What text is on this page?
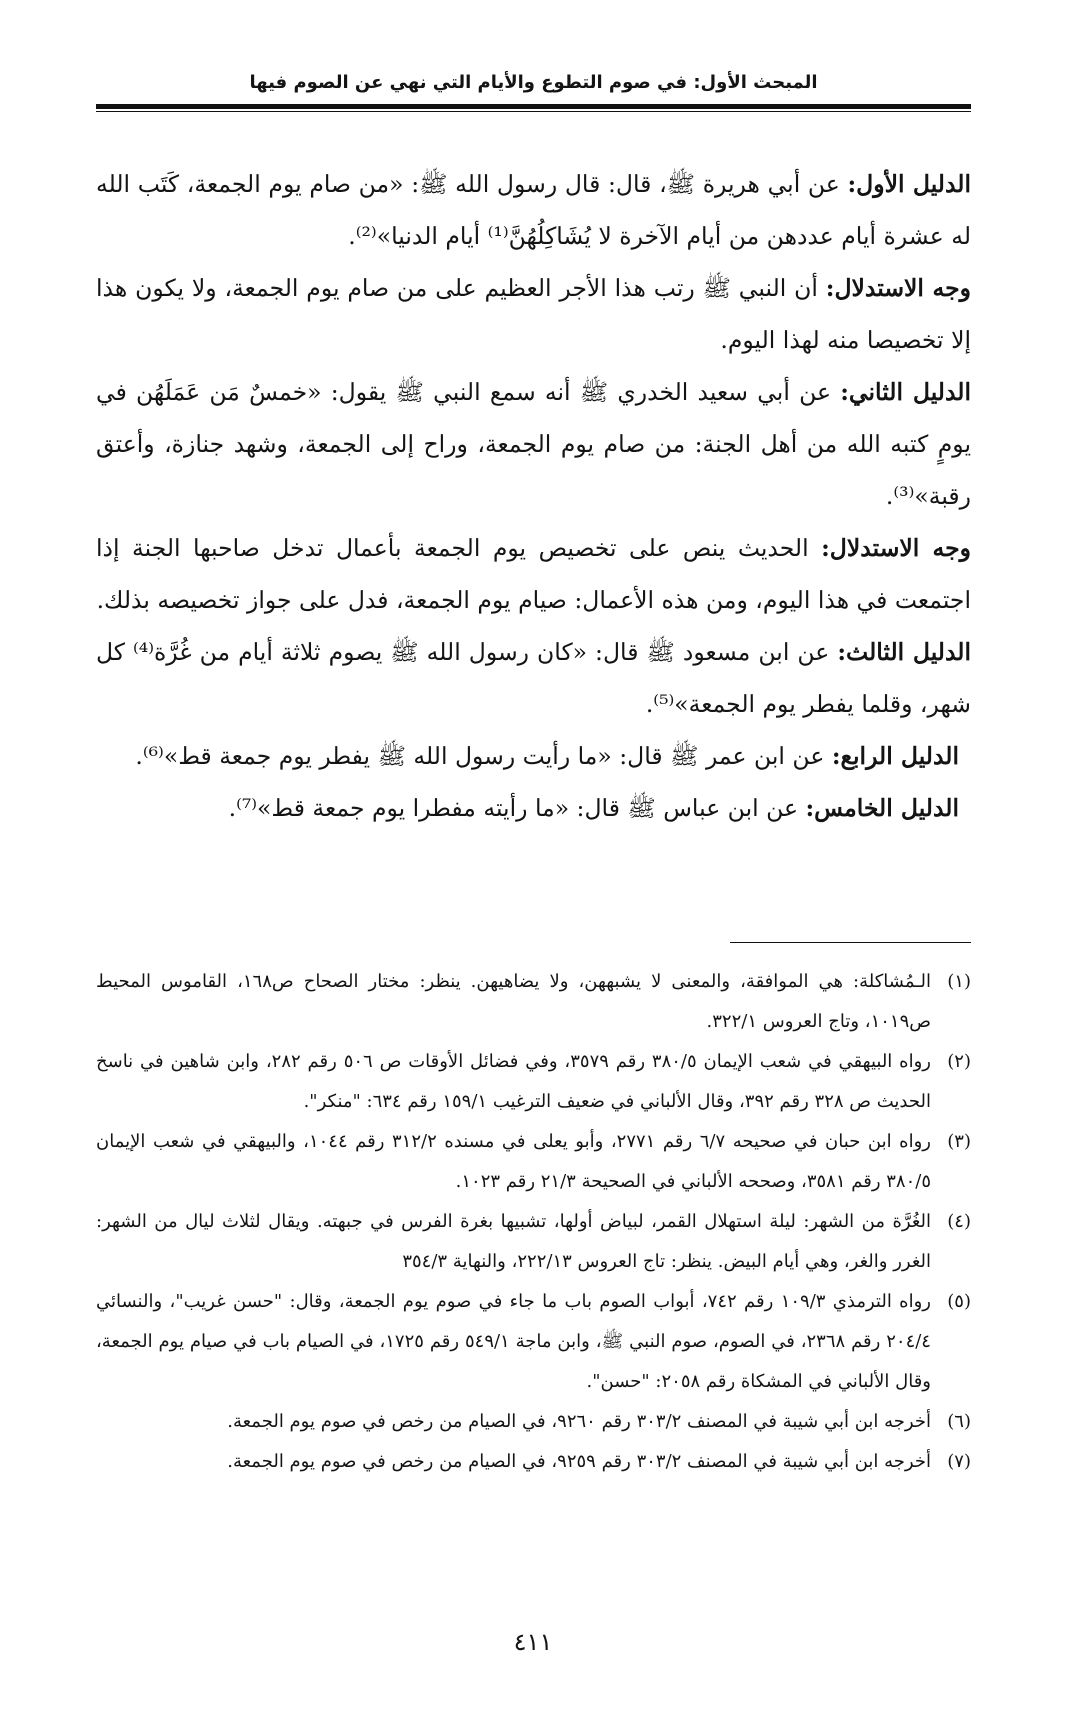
المبحث الأول: في صوم التطوع والأيام التي نهي عن الصوم فيها

الدليل الأول: عن أبي هريرة ﷺ، قال: قال رسول الله ﷺ: «من صام يوم الجمعة، كَتَب الله له عشرة أيام عددهن من أيام الآخرة لا يُشَاكِلُهُنَّ⁽¹⁾ أيام الدنيا»⁽²⁾.

وجه الاستدلال: أن النبي ﷺ رتب هذا الأجر العظيم على من صام يوم الجمعة، ولا يكون هذا إلا تخصيصا منه لهذا اليوم.

الدليل الثاني: عن أبي سعيد الخدري ﷺ أنه سمع النبي ﷺ يقول: «خمسٌ مَن عَمَلَهُن في يومٍ كتبه الله من أهل الجنة: من صام يوم الجمعة، وراح إلى الجمعة، وشهد جنازة، وأعتق رقبة»⁽³⁾.

وجه الاستدلال: الحديث ينص على تخصيص يوم الجمعة بأعمال تدخل صاحبها الجنة إذا اجتمعت في هذا اليوم، ومن هذه الأعمال: صيام يوم الجمعة، فدل على جواز تخصيصه بذلك.

الدليل الثالث: عن ابن مسعود ﷺ قال: «كان رسول الله ﷺ يصوم ثلاثة أيام من غُرَّة⁽⁴⁾ كل شهر، وقلما يفطر يوم الجمعة»⁽⁵⁾.

الدليل الرابع: عن ابن عمر ﷺ قال: «ما رأيت رسول الله ﷺ يفطر يوم جمعة قط»⁽⁶⁾.

الدليل الخامس: عن ابن عباس ﷺ قال: «ما رأيته مفطرا يوم جمعة قط»⁽⁷⁾.

(١)
الـمُشاكلة: هي الموافقة، والمعنى لا يشبههن، ولا يضاهيهن. ينظر: مختار الصحاح ص١٦٨، القاموس المحيط ص١٠١٩، وتاج العروس ٣٢٢/١.

(٢)
رواه البيهقي في شعب الإيمان ٣٨٠/٥ رقم ٣٥٧٩، وفي فضائل الأوقات ص ٥٠٦ رقم ٢٨٢، وابن شاهين في ناسخ الحديث ص ٣٢٨ رقم ٣٩٢، وقال الألباني في ضعيف الترغيب ١٥٩/١ رقم ٦٣٤: "منكر".

(٣)
رواه ابن حبان في صحيحه ٦/٧ رقم ٢٧٧١، وأبو يعلى في مسنده ٣١٢/٢ رقم ١٠٤٤، والبيهقي في شعب الإيمان ٣٨٠/٥ رقم ٣٥٨١، وصححه الألباني في الصحيحة ٢١/٣ رقم ١٠٢٣.

(٤)
الغُرَّة من الشهر: ليلة استهلال القمر، لبياض أولها، تشبيها بغرة الفرس في جبهته. ويقال لثلاث ليال من الشهر: الغرر والغر، وهي أيام البيض. ينظر: تاج العروس ٢٢٢/١٣، والنهاية ٣٥٤/٣

(٥)
رواه الترمذي ١٠٩/٣ رقم ٧٤٢، أبواب الصوم باب ما جاء في صوم يوم الجمعة، وقال: "حسن غريب"، والنسائي ٢٠٤/٤ رقم ٢٣٦٨، في الصوم، صوم النبي ﷺ، وابن ماجة ٥٤٩/١ رقم ١٧٢٥، في الصيام باب في صيام يوم الجمعة، وقال الألباني في المشكاة رقم ٢٠٥٨: "حسن".

(٦)
أخرجه ابن أبي شيبة في المصنف ٣٠٣/٢ رقم ٩٢٦٠، في الصيام من رخص في صوم يوم الجمعة.

(٧)
أخرجه ابن أبي شيبة في المصنف ٣٠٣/٢ رقم ٩٢٥٩، في الصيام من رخص في صوم يوم الجمعة.

٤١١
